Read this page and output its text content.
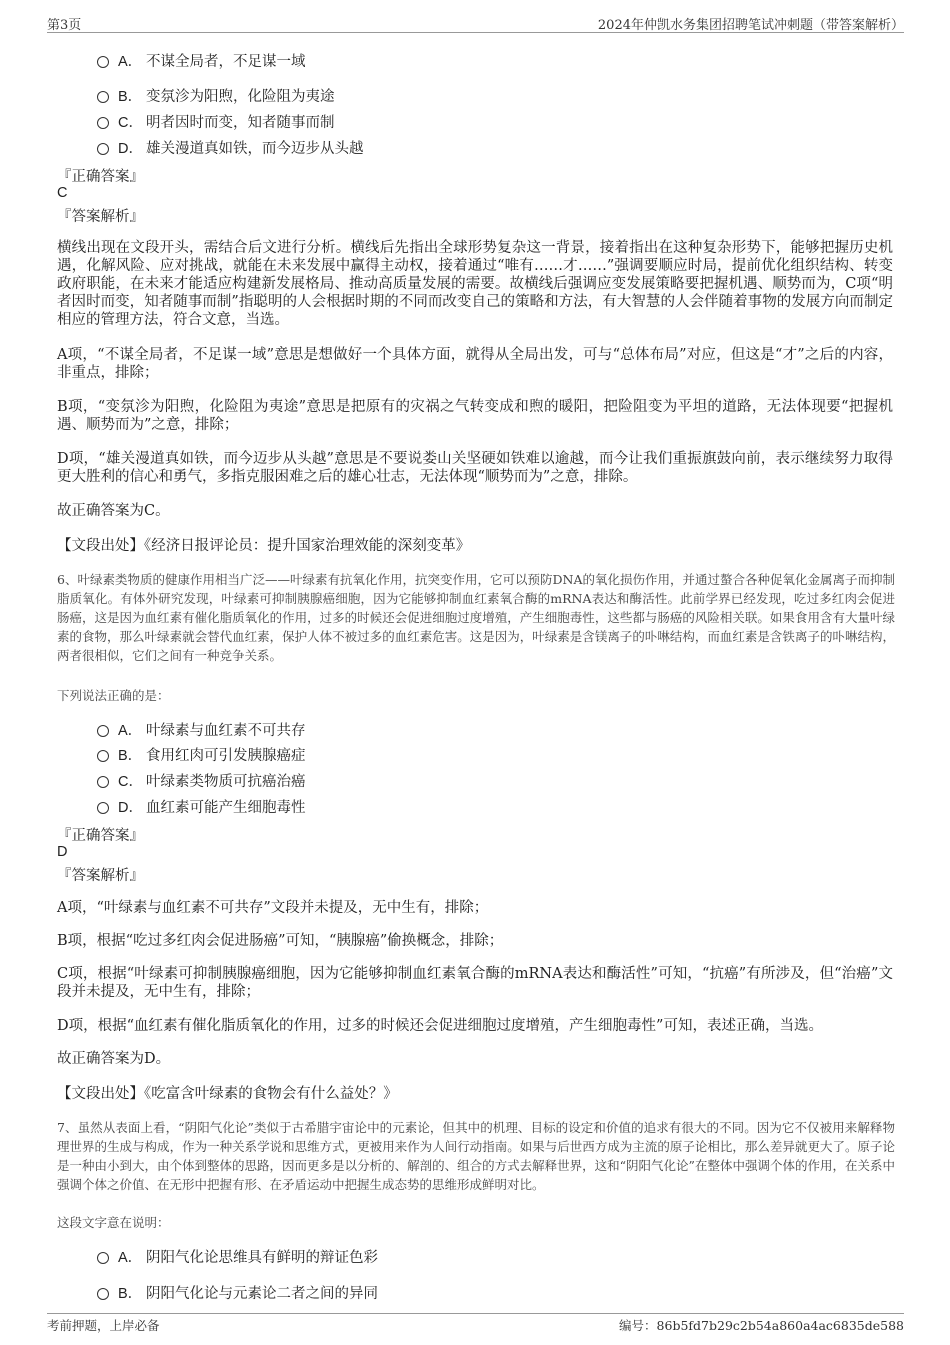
第3页	2024年仲凯水务集团招聘笔试冲刺题（带答案解析）
A． 不谋全局者，不足谋一域
B． 变氛沴为阳煦，化险阻为夷途
C． 明者因时而变，知者随事而制
D． 雄关漫道真如铁，而今迈步从头越
『正确答案』
C
『答案解析』
横线出现在文段开头，需结合后文进行分析。横线后先指出全球形势复杂这一背景，接着指出在这种复杂形势下，能够把握历史机遇，化解风险、应对挑战，就能在未来发展中赢得主动权，接着通过“唯有……才……”强调要顺应时局，提前优化组织结构、转变政府职能，在未来才能适应构建新发展格局、推动高质量发展的需要。故横线后强调应变发展策略要把握机遇、顺势而为，C项“明者因时而变，知者随事而制”指聪明的人会根据时期的不同而改变自己的策略和方法，有大智慧的人会伴随着事物的发展方向而制定相应的管理方法，符合文意，当选。
A项，“不谋全局者，不足谋一域”意思是想做好一个具体方面，就得从全局出发，可与“总体布局”对应，但这是“才”之后的内容，非重点，排除；
B项，“变氛沴为阳煦，化险阻为夷途”意思是把原有的灾祸之气转变成和煦的暖阳，把险阻变为平坦的道路，无法体现要“把握机遇、顺势而为”之意，排除；
D项，“雄关漫道真如铁，而今迈步从头越”意思是不要说娄山关坚硬如铁难以逾越，而今让我们重振旗鼓向前，表示继续努力取得更大胜利的信心和勇气，多指克服困难之后的雄心壮志，无法体现“顺势而为”之意，排除。
故正确答案为C。
【文段出处】《经济日报评论员：提升国家治理效能的深刻变革》
6、叶绿素类物质的健康作用相当广泛——叶绿素有抗氧化作用，抗突变作用，它可以预防DNA的氧化损伤作用，并通过螯合各种促氧化金属离子而抑制脂质氧化。有体外研究发现，叶绿素可抑制胰腺癌细胞，因为它能够抑制血红素氧合酶的mRNA表达和酶活性。此前学界已经发现，吃过多红肉会促进肠癌，这是因为血红素有催化脂质氧化的作用，过多的时候还会促进细胞过度增殖，产生细胞毒性，这些都与肠癌的风险相关联。如果食用含有大量叶绿素的食物，那么叶绿素就会替代血红素，保护人体不被过多的血红素危害。这是因为，叶绿素是含镁离子的卟啉结构，而血红素是含铁离子的卟啉结构，两者很相似，它们之间有一种竞争关系。
下列说法正确的是：
A． 叶绿素与血红素不可共存
B． 食用红肉可引发胰腺癌症
C． 叶绿素类物质可抗癌治癌
D． 血红素可能产生细胞毒性
『正确答案』
D
『答案解析』
A项，“叶绿素与血红素不可共存”文段并未提及，无中生有，排除；
B项，根据“吃过多红肉会促进肠癌”可知，“胰腺癌”偷换概念，排除；
C项，根据“叶绿素可抑制胰腺癌细胞，因为它能够抑制血红素氧合酶的mRNA表达和酶活性”可知，“抗癌”有所涉及，但“治癌”文段并未提及，无中生有，排除；
D项，根据“血红素有催化脂质氧化的作用，过多的时候还会促进细胞过度增殖，产生细胞毒性”可知，表述正确，当选。
故正确答案为D。
【文段出处】《吃富含叶绿素的食物会有什么益处？》
7、虽然从表面上看，“阴阳气化论”类似于古希腊宇宙论中的元素论，但其中的机理、目标的设定和价值的追求有很大的不同。因为它不仅被用来解释物理世界的生成与构成，作为一种关系学说和思维方式，更被用来作为人间行动指南。如果与后世西方成为主流的原子论相比，那么差异就更大了。原子论是一种由小到大，由个体到整体的思路，因而更多是以分析的、解剖的、组合的方式去解释世界，这和“阴阳气化论”在整体中强调个体的作用，在关系中强调个体之价值、在无形中把握有形、在矛盾运动中把握生成态势的思维形成鲜明对比。
这段文字意在说明：
A． 阴阳气化论思维具有鲜明的辩证色彩
B． 阴阳气化论与元素论二者之间的异同
考前押题，上岸必备	编号：86b5fd7b29c2b54a860a4ac6835de588
